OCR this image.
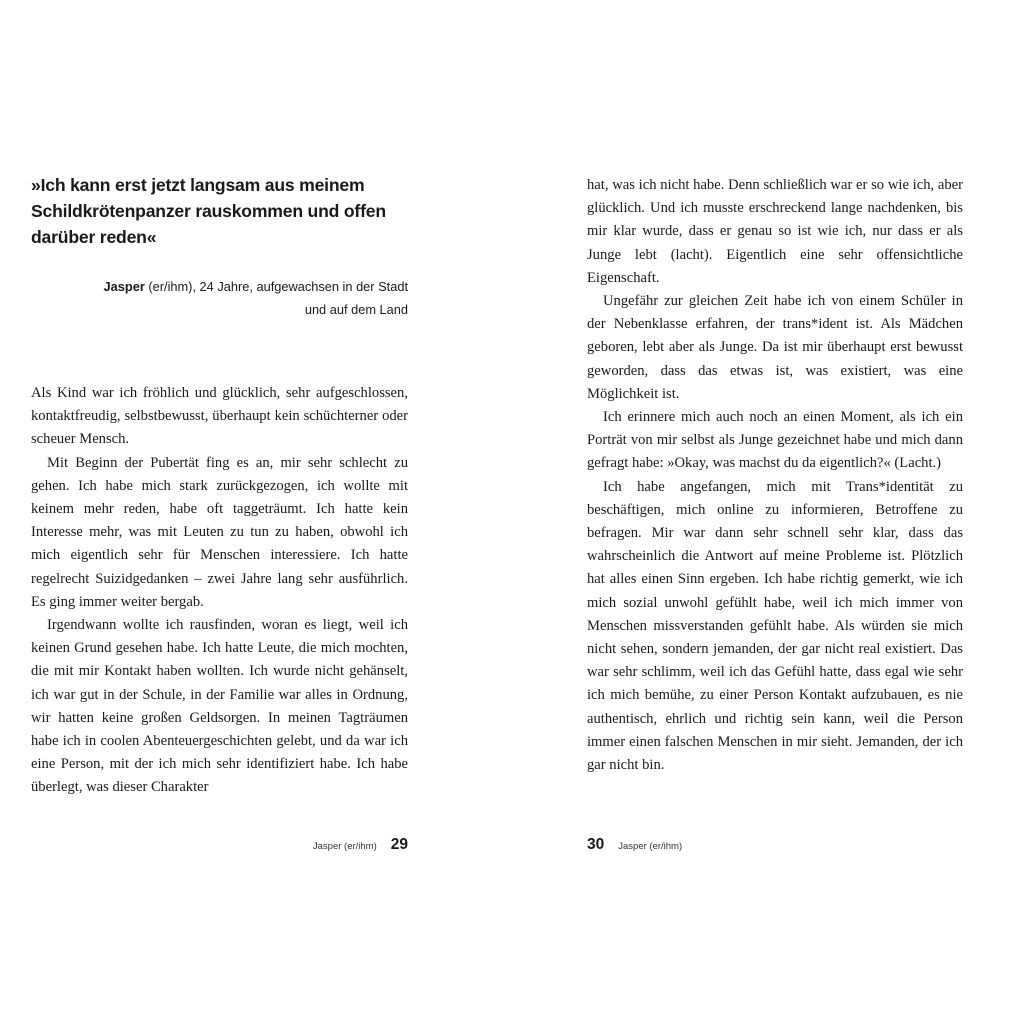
»Ich kann erst jetzt langsam aus meinem Schildkrötenpanzer rauskommen und offen darüber reden«
Jasper (er/ihm), 24 Jahre, aufgewachsen in der Stadt
und auf dem Land

Als Kind war ich fröhlich und glücklich, sehr aufgeschlossen, kontaktfreudig, selbstbewusst, überhaupt kein schüchterner oder scheuer Mensch.

Mit Beginn der Pubertät fing es an, mir sehr schlecht zu gehen. Ich habe mich stark zurückgezogen, ich wollte mit keinem mehr reden, habe oft taggeträumt. Ich hatte kein Interesse mehr, was mit Leuten zu tun zu haben, obwohl ich mich eigentlich sehr für Menschen interessiere. Ich hatte regelrecht Suizidgedanken – zwei Jahre lang sehr ausführlich. Es ging immer weiter bergab.

Irgendwann wollte ich rausfinden, woran es liegt, weil ich keinen Grund gesehen habe. Ich hatte Leute, die mich mochten, die mit mir Kontakt haben wollten. Ich wurde nicht gehänselt, ich war gut in der Schule, in der Familie war alles in Ordnung, wir hatten keine großen Geldsorgen. In meinen Tagträumen habe ich in coolen Abenteuergeschichten gelebt, und da war ich eine Person, mit der ich mich sehr identifiziert habe. Ich habe überlegt, was dieser Charakter

Jasper (er/ihm) 29

hat, was ich nicht habe. Denn schließlich war er so wie ich, aber glücklich. Und ich musste erschreckend lange nachdenken, bis mir klar wurde, dass er genau so ist wie ich, nur dass er als Junge lebt (lacht). Eigentlich eine sehr offensichtliche Eigenschaft.

Ungefähr zur gleichen Zeit habe ich von einem Schüler in der Nebenklasse erfahren, der trans*ident ist. Als Mädchen geboren, lebt aber als Junge. Da ist mir überhaupt erst bewusst geworden, dass das etwas ist, was existiert, was eine Möglichkeit ist.

Ich erinnere mich auch noch an einen Moment, als ich ein Porträt von mir selbst als Junge gezeichnet habe und mich dann gefragt habe: »Okay, was machst du da eigentlich?« (Lacht.)

Ich habe angefangen, mich mit Trans*identität zu beschäftigen, mich online zu informieren, Betroffene zu befragen. Mir war dann sehr schnell sehr klar, dass das wahrscheinlich die Antwort auf meine Probleme ist. Plötzlich hat alles einen Sinn ergeben. Ich habe richtig gemerkt, wie ich mich sozial unwohl gefühlt habe, weil ich mich immer von Menschen missverstanden gefühlt habe. Als würden sie mich nicht sehen, sondern jemanden, der gar nicht real existiert. Das war sehr schlimm, weil ich das Gefühl hatte, dass egal wie sehr ich mich bemühe, zu einer Person Kontakt aufzubauen, es nie authentisch, ehrlich und richtig sein kann, weil die Person immer einen falschen Menschen in mir sieht. Jemanden, der ich gar nicht bin.

30 Jasper (er/ihm)
